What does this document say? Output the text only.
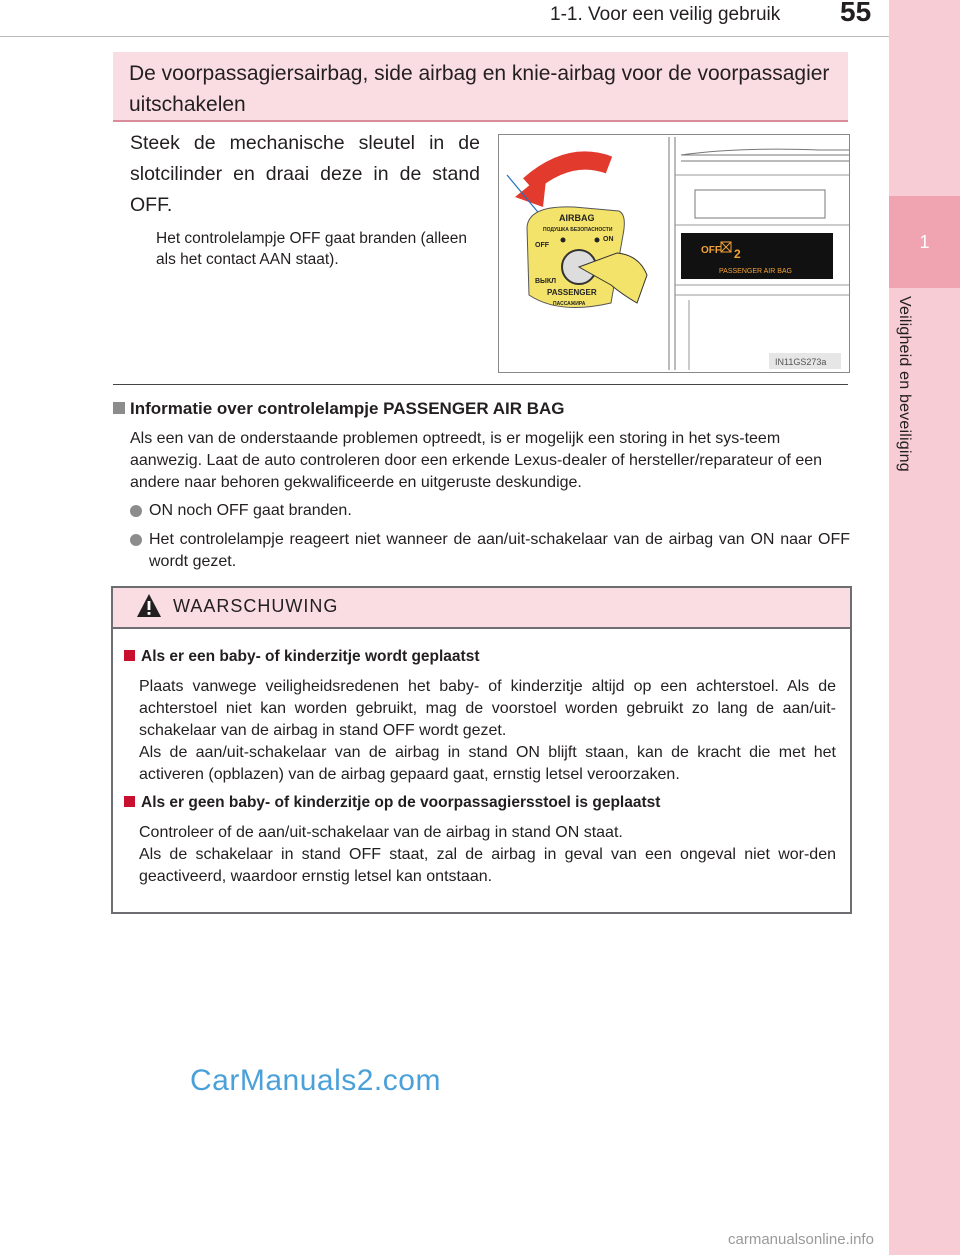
1-1. Voor een veilig gebruik 55
1
Veiligheid en beveiliging
De voorpassagiersairbag, side airbag en knie-airbag voor de voorpassagier uitschakelen
Steek de mechanische sleutel in de slotcilinder en draai deze in de stand OFF.
Het controlelampje OFF gaat branden (alleen als het contact AAN staat).
OFF 2
PASSENGER AIR BAG
IN11GS273a
AIRBAG
ПОДУШКА БЕЗОПАСНОСТИ
OFF
ON
ВЫКЛ
PASSENGER
ПАССАЖИРА
Informatie over controlelampje PASSENGER AIR BAG
Als een van de onderstaande problemen optreedt, is er mogelijk een storing in het sys-teem aanwezig. Laat de auto controleren door een erkende Lexus-dealer of hersteller/reparateur of een andere naar behoren gekwalificeerde en uitgeruste deskundige.
ON noch OFF gaat branden.
Het controlelampje reageert niet wanneer de aan/uit-schakelaar van de airbag van ON naar OFF wordt gezet.
WAARSCHUWING
Als er een baby- of kinderzitje wordt geplaatst
Plaats vanwege veiligheidsredenen het baby- of kinderzitje altijd op een achterstoel. Als de achterstoel niet kan worden gebruikt, mag de voorstoel worden gebruikt zo lang de aan/uit-schakelaar van de airbag in stand OFF wordt gezet.
Als de aan/uit-schakelaar van de airbag in stand ON blijft staan, kan de kracht die met het activeren (opblazen) van de airbag gepaard gaat, ernstig letsel veroorzaken.
Als er geen baby- of kinderzitje op de voorpassagiersstoel is geplaatst
Controleer of de aan/uit-schakelaar van de airbag in stand ON staat.
Als de schakelaar in stand OFF staat, zal de airbag in geval van een ongeval niet wor-den geactiveerd, waardoor ernstig letsel kan ontstaan.
CarManuals2.com
carmanualsonline.info
